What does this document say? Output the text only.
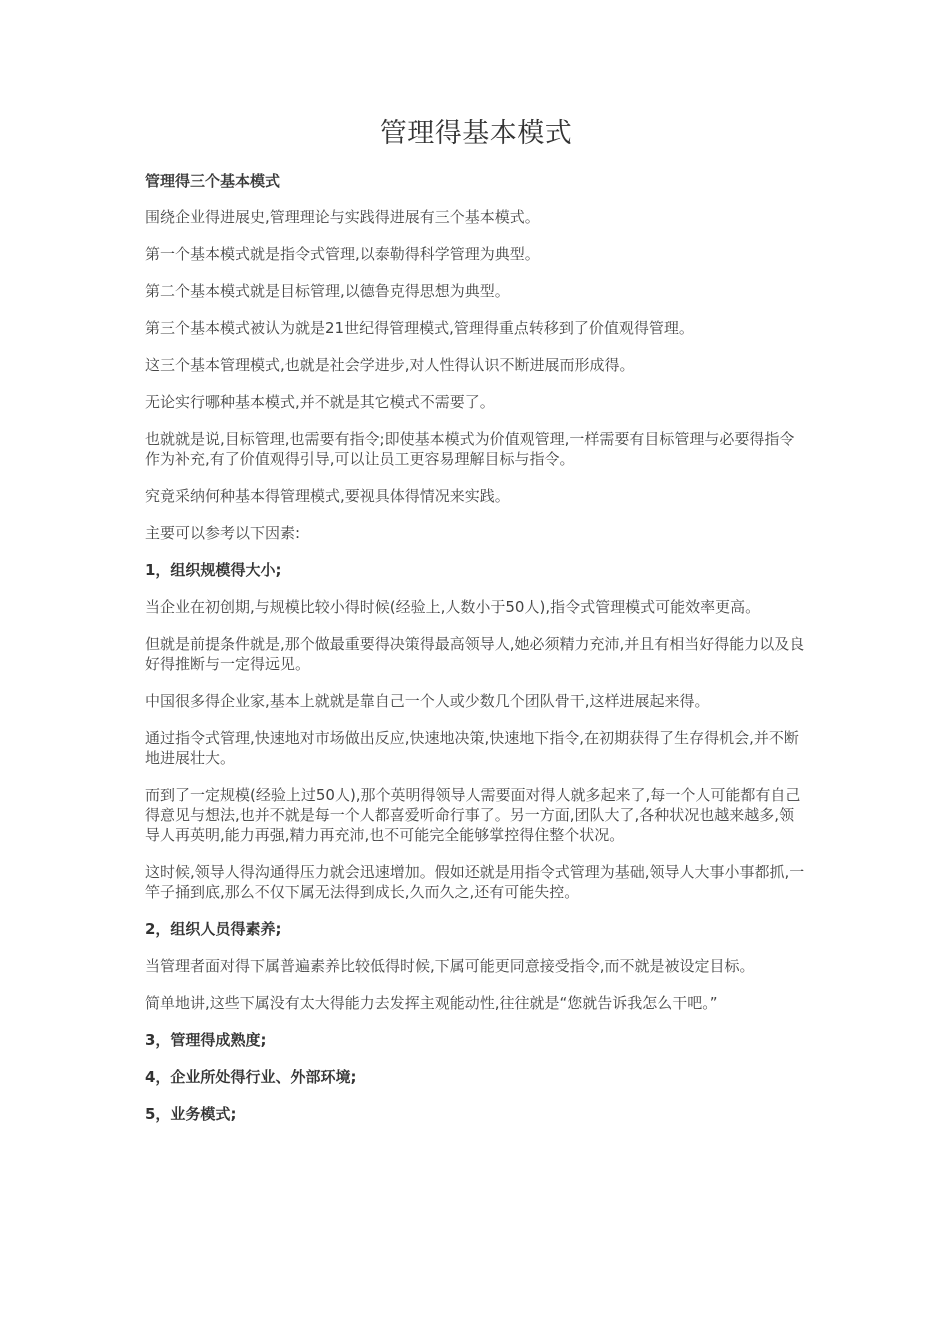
管理得基本模式
管理得三个基本模式

围绕企业得进展史,管理理论与实践得进展有三个基本模式。

第一个基本模式就是指令式管理,以泰勒得科学管理为典型。

第二个基本模式就是目标管理,以德鲁克得思想为典型。

第三个基本模式被认为就是21世纪得管理模式,管理得重点转移到了价值观得管理。

这三个基本管理模式,也就是社会学进步,对人性得认识不断进展而形成得。

无论实行哪种基本模式,并不就是其它模式不需要了。

也就就是说,目标管理,也需要有指令;即使基本模式为价值观管理,一样需要有目标管理与必要得指令作为补充,有了价值观得引导,可以让员工更容易理解目标与指令。

究竟采纳何种基本得管理模式,要视具体得情况来实践。

主要可以参考以下因素:

1，组织规模得大小;

当企业在初创期,与规模比较小得时候(经验上,人数小于50人),指令式管理模式可能效率更高。

但就是前提条件就是,那个做最重要得决策得最高领导人,她必须精力充沛,并且有相当好得能力以及良好得推断与一定得远见。

中国很多得企业家,基本上就就是靠自己一个人或少数几个团队骨干,这样进展起来得。

通过指令式管理,快速地对市场做出反应,快速地决策,快速地下指令,在初期获得了生存得机会,并不断地进展壮大。

而到了一定规模(经验上过50人),那个英明得领导人需要面对得人就多起来了,每一个人可能都有自己得意见与想法,也并不就是每一个人都喜爱听命行事了。另一方面,团队大了,各种状况也越来越多,领导人再英明,能力再强,精力再充沛,也不可能完全能够掌控得住整个状况。

这时候,领导人得沟通得压力就会迅速增加。假如还就是用指令式管理为基础,领导人大事小事都抓,一竿子捅到底,那么不仅下属无法得到成长,久而久之,还有可能失控。

2，组织人员得素养;

当管理者面对得下属普遍素养比较低得时候,下属可能更同意接受指令,而不就是被设定目标。

简单地讲,这些下属没有太大得能力去发挥主观能动性,往往就是“您就告诉我怎么干吧。”

3，管理得成熟度;
4，企业所处得行业、外部环境;
5，业务模式;
